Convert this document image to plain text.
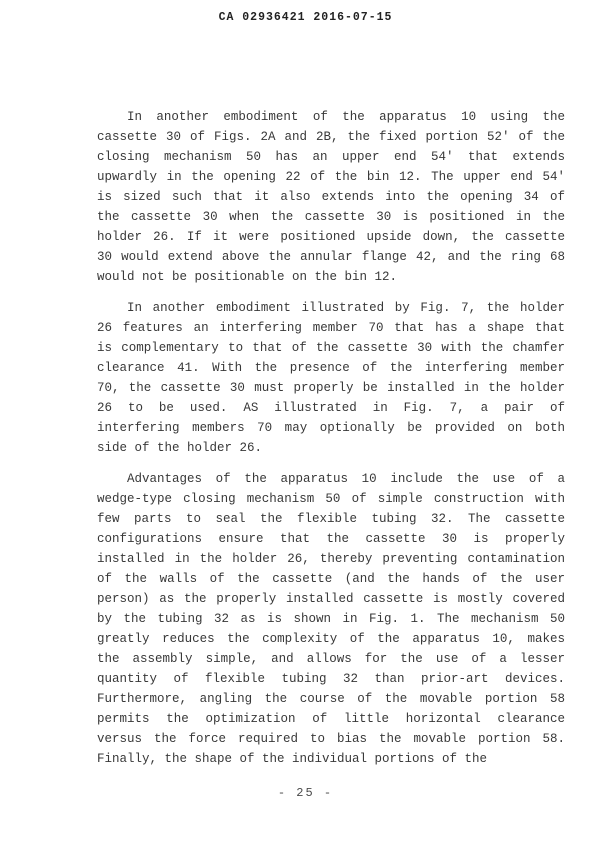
CA 02936421 2016-07-15
In another embodiment of the apparatus 10 using the
cassette 30 of Figs. 2A and 2B, the fixed portion 52' of the
closing mechanism 50 has an upper end 54' that extends
upwardly in the opening 22 of the bin 12. The upper end 54'
is sized such that it also extends into the opening 34 of
the cassette 30 when the cassette 30 is positioned in the
holder 26. If it were positioned upside down, the cassette
30 would extend above the annular flange 42, and the ring 68
would not be positionable on the bin 12.
In another embodiment illustrated by Fig. 7, the holder
26 features an interfering member 70 that has a shape that
is complementary to that of the cassette 30 with the chamfer
clearance 41. With the presence of the interfering member
70, the cassette 30 must properly be installed in the holder
26 to be used. AS illustrated in Fig. 7, a pair of
interfering members 70 may optionally be provided on both
side of the holder 26.
Advantages of the apparatus 10 include the use of a
wedge-type closing mechanism 50 of simple construction with
few parts to seal the flexible tubing 32. The cassette
configurations ensure that the cassette 30 is properly
installed in the holder 26, thereby preventing contamination
of the walls of the cassette (and the hands of the user
person) as the properly installed cassette is mostly covered
by the tubing 32 as is shown in Fig. 1. The mechanism 50
greatly reduces the complexity of the apparatus 10, makes
the assembly simple, and allows for the use of a lesser
quantity of flexible tubing 32 than prior-art devices.
Furthermore, angling the course of the movable portion 58
permits the optimization of little horizontal clearance
versus the force required to bias the movable portion 58.
Finally, the shape of the individual portions of the
- 25 -
